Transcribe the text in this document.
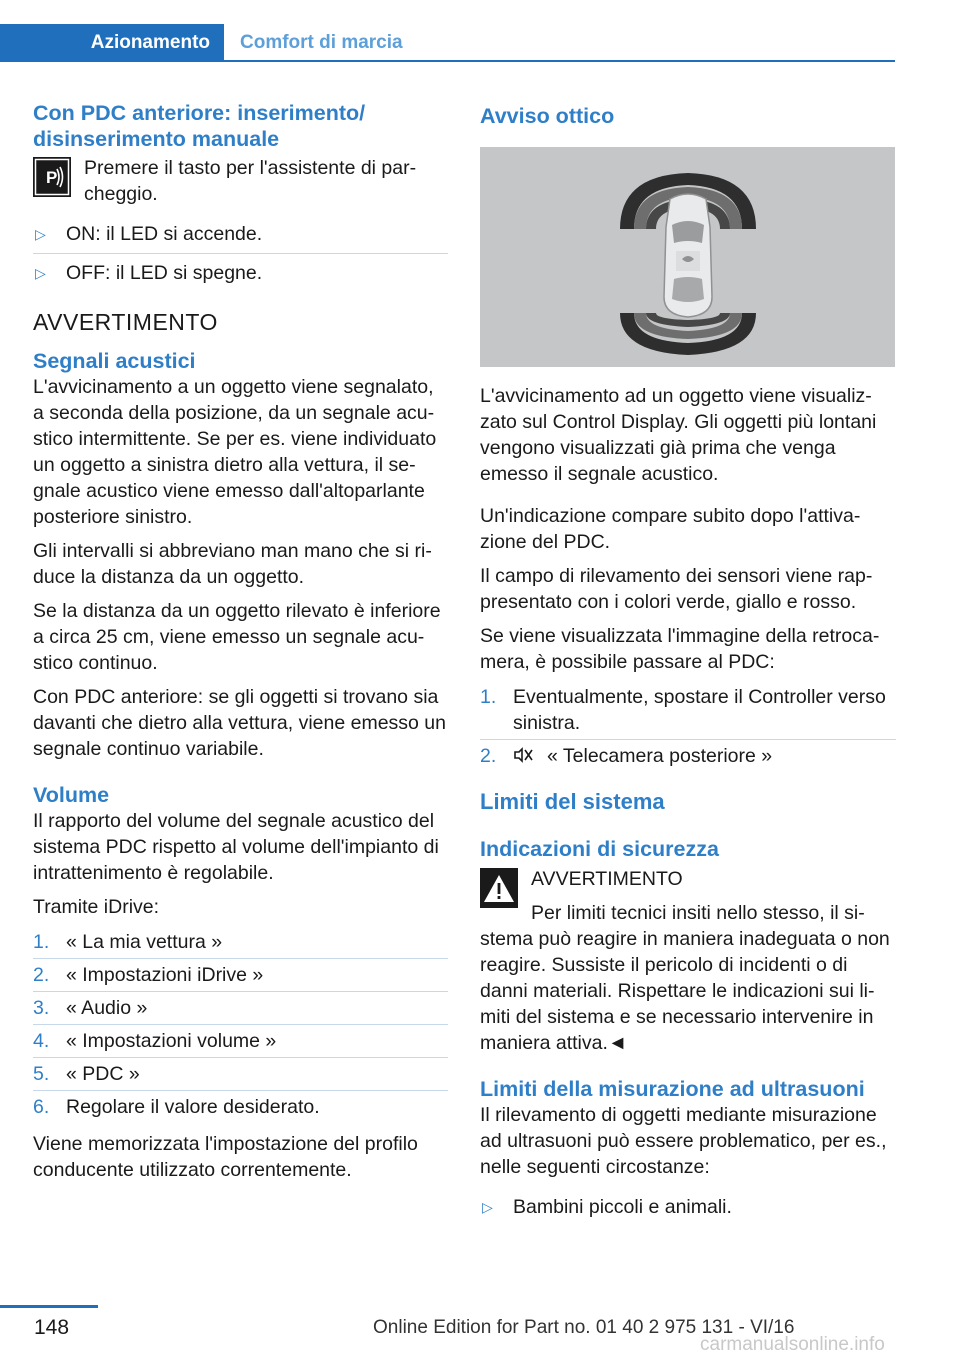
Azionamento	Comfort di marcia
Con PDC anteriore: inserimento/ disinserimento manuale
P Premere il tasto per l'assistente di par- cheggio.

▷ ON: il LED si accende.
▷ OFF: il LED si spegne.

AVVERTIMENTO

Segnali acustici

L'avvicinamento a un oggetto viene segnalato, a seconda della posizione, da un segnale acu- stico intermittente. Se per es. viene individuato un oggetto a sinistra dietro alla vettura, il se- gnale acustico viene emesso dall'altoparlante posteriore sinistro.

Gli intervalli si abbreviano man mano che si ri- duce la distanza da un oggetto.

Se la distanza da un oggetto rilevato è inferiore a circa 25 cm, viene emesso un segnale acu- stico continuo.

Con PDC anteriore: se gli oggetti si trovano sia davanti che dietro alla vettura, viene emesso un segnale continuo variabile.

Volume

Il rapporto del volume del segnale acustico del sistema PDC rispetto al volume dell'impianto di intrattenimento è regolabile.

Tramite iDrive:

1. « La mia vettura »
2. « Impostazioni iDrive »
3. « Audio »
4. « Impostazioni volume »
5. « PDC »
6. Regolare il valore desiderato.

Viene memorizzata l'impostazione del profilo conducente utilizzato correntemente.

Avviso ottico

L'avvicinamento ad un oggetto viene visualiz- zato sul Control Display. Gli oggetti più lontani vengono visualizzati già prima che venga emesso il segnale acustico.

Un'indicazione compare subito dopo l'attiva- zione del PDC.

Il campo di rilevamento dei sensori viene rap- presentato con i colori verde, giallo e rosso.

Se viene visualizzata l'immagine della retroca- mera, è possibile passare al PDC:

1. Eventualmente, spostare il Controller verso sinistra.
2.	« Telecamera posteriore »
Limiti del sistema
Indicazioni di sicurezza

AVVERTIMENTO

Per limiti tecnici insiti nello stesso, il si-

stema può reagire in maniera inadeguata o non reagire. Sussiste il pericolo di incidenti o di danni materiali. Rispettare le indicazioni sui li- miti del sistema e se necessario intervenire in maniera attiva.◄

Limiti della misurazione ad ultrasuoni

Il rilevamento di oggetti mediante misurazione ad ultrasuoni può essere problematico, per es., nelle seguenti circostanze:

▷ Bambini piccoli e animali.
148	Online Edition for Part no. 01 40 2 975 131 - VI/16
carmanualsonline.info
